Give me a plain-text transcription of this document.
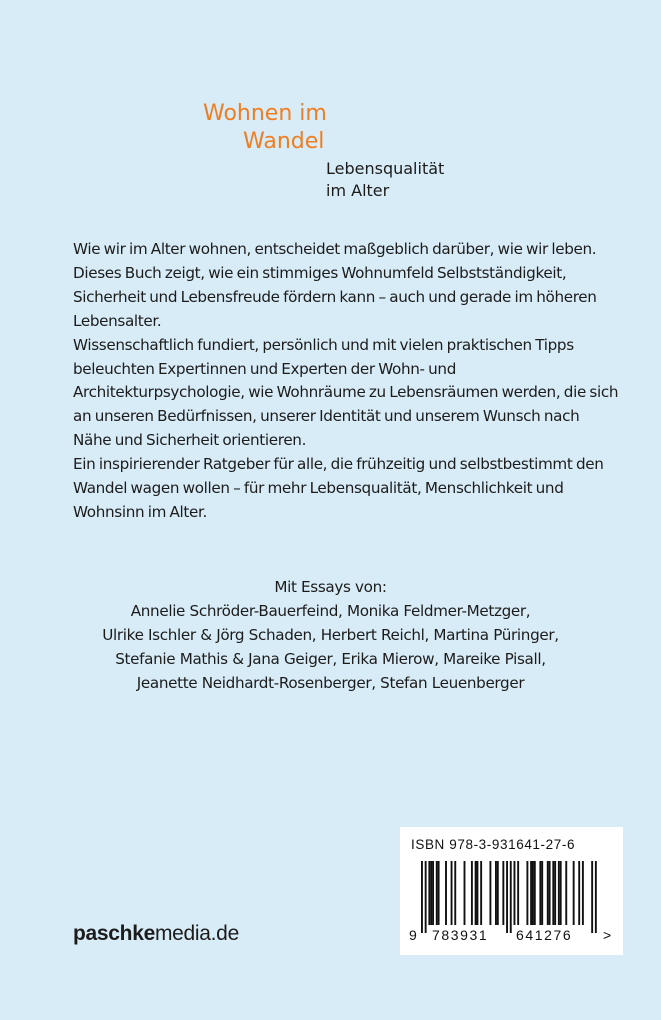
Wohnen im
Wandel
Lebensqualität
im Alter

Wie wir im Alter wohnen, entscheidet maßgeblich darüber, wie wir leben. Dieses Buch zeigt, wie ein stimmiges Wohnumfeld Selbstständigkeit, Sicherheit und Lebensfreude fördern kann – auch und gerade im höheren Lebensalter.

Wissenschaftlich fundiert, persönlich und mit vielen praktischen Tipps beleuchten Expertinnen und Experten der Wohn- und Architekturpsychologie, wie Wohnräume zu Lebensräumen werden, die sich an unseren Bedürfnissen, unserer Identität und unserem Wunsch nach Nähe und Sicherheit orientieren.

Ein inspirierender Ratgeber für alle, die frühzeitig und selbstbestimmt den Wandel wagen wollen – für mehr Lebensqualität, Menschlichkeit und Wohnsinn im Alter.

Mit Essays von:
Annelie Schröder-Bauerfeind, Monika Feldmer-Metzger,
Ulrike Ischler & Jörg Schaden, Herbert Reichl, Martina Püringer,
Stefanie Mathis & Jana Geiger, Erika Mierow, Mareike Pisall,
Jeanette Neidhardt-Rosenberger, Stefan Leuenberger
paschkemedia.de
ISBN 978-3-931641-27-6
9 783931 641276 >
